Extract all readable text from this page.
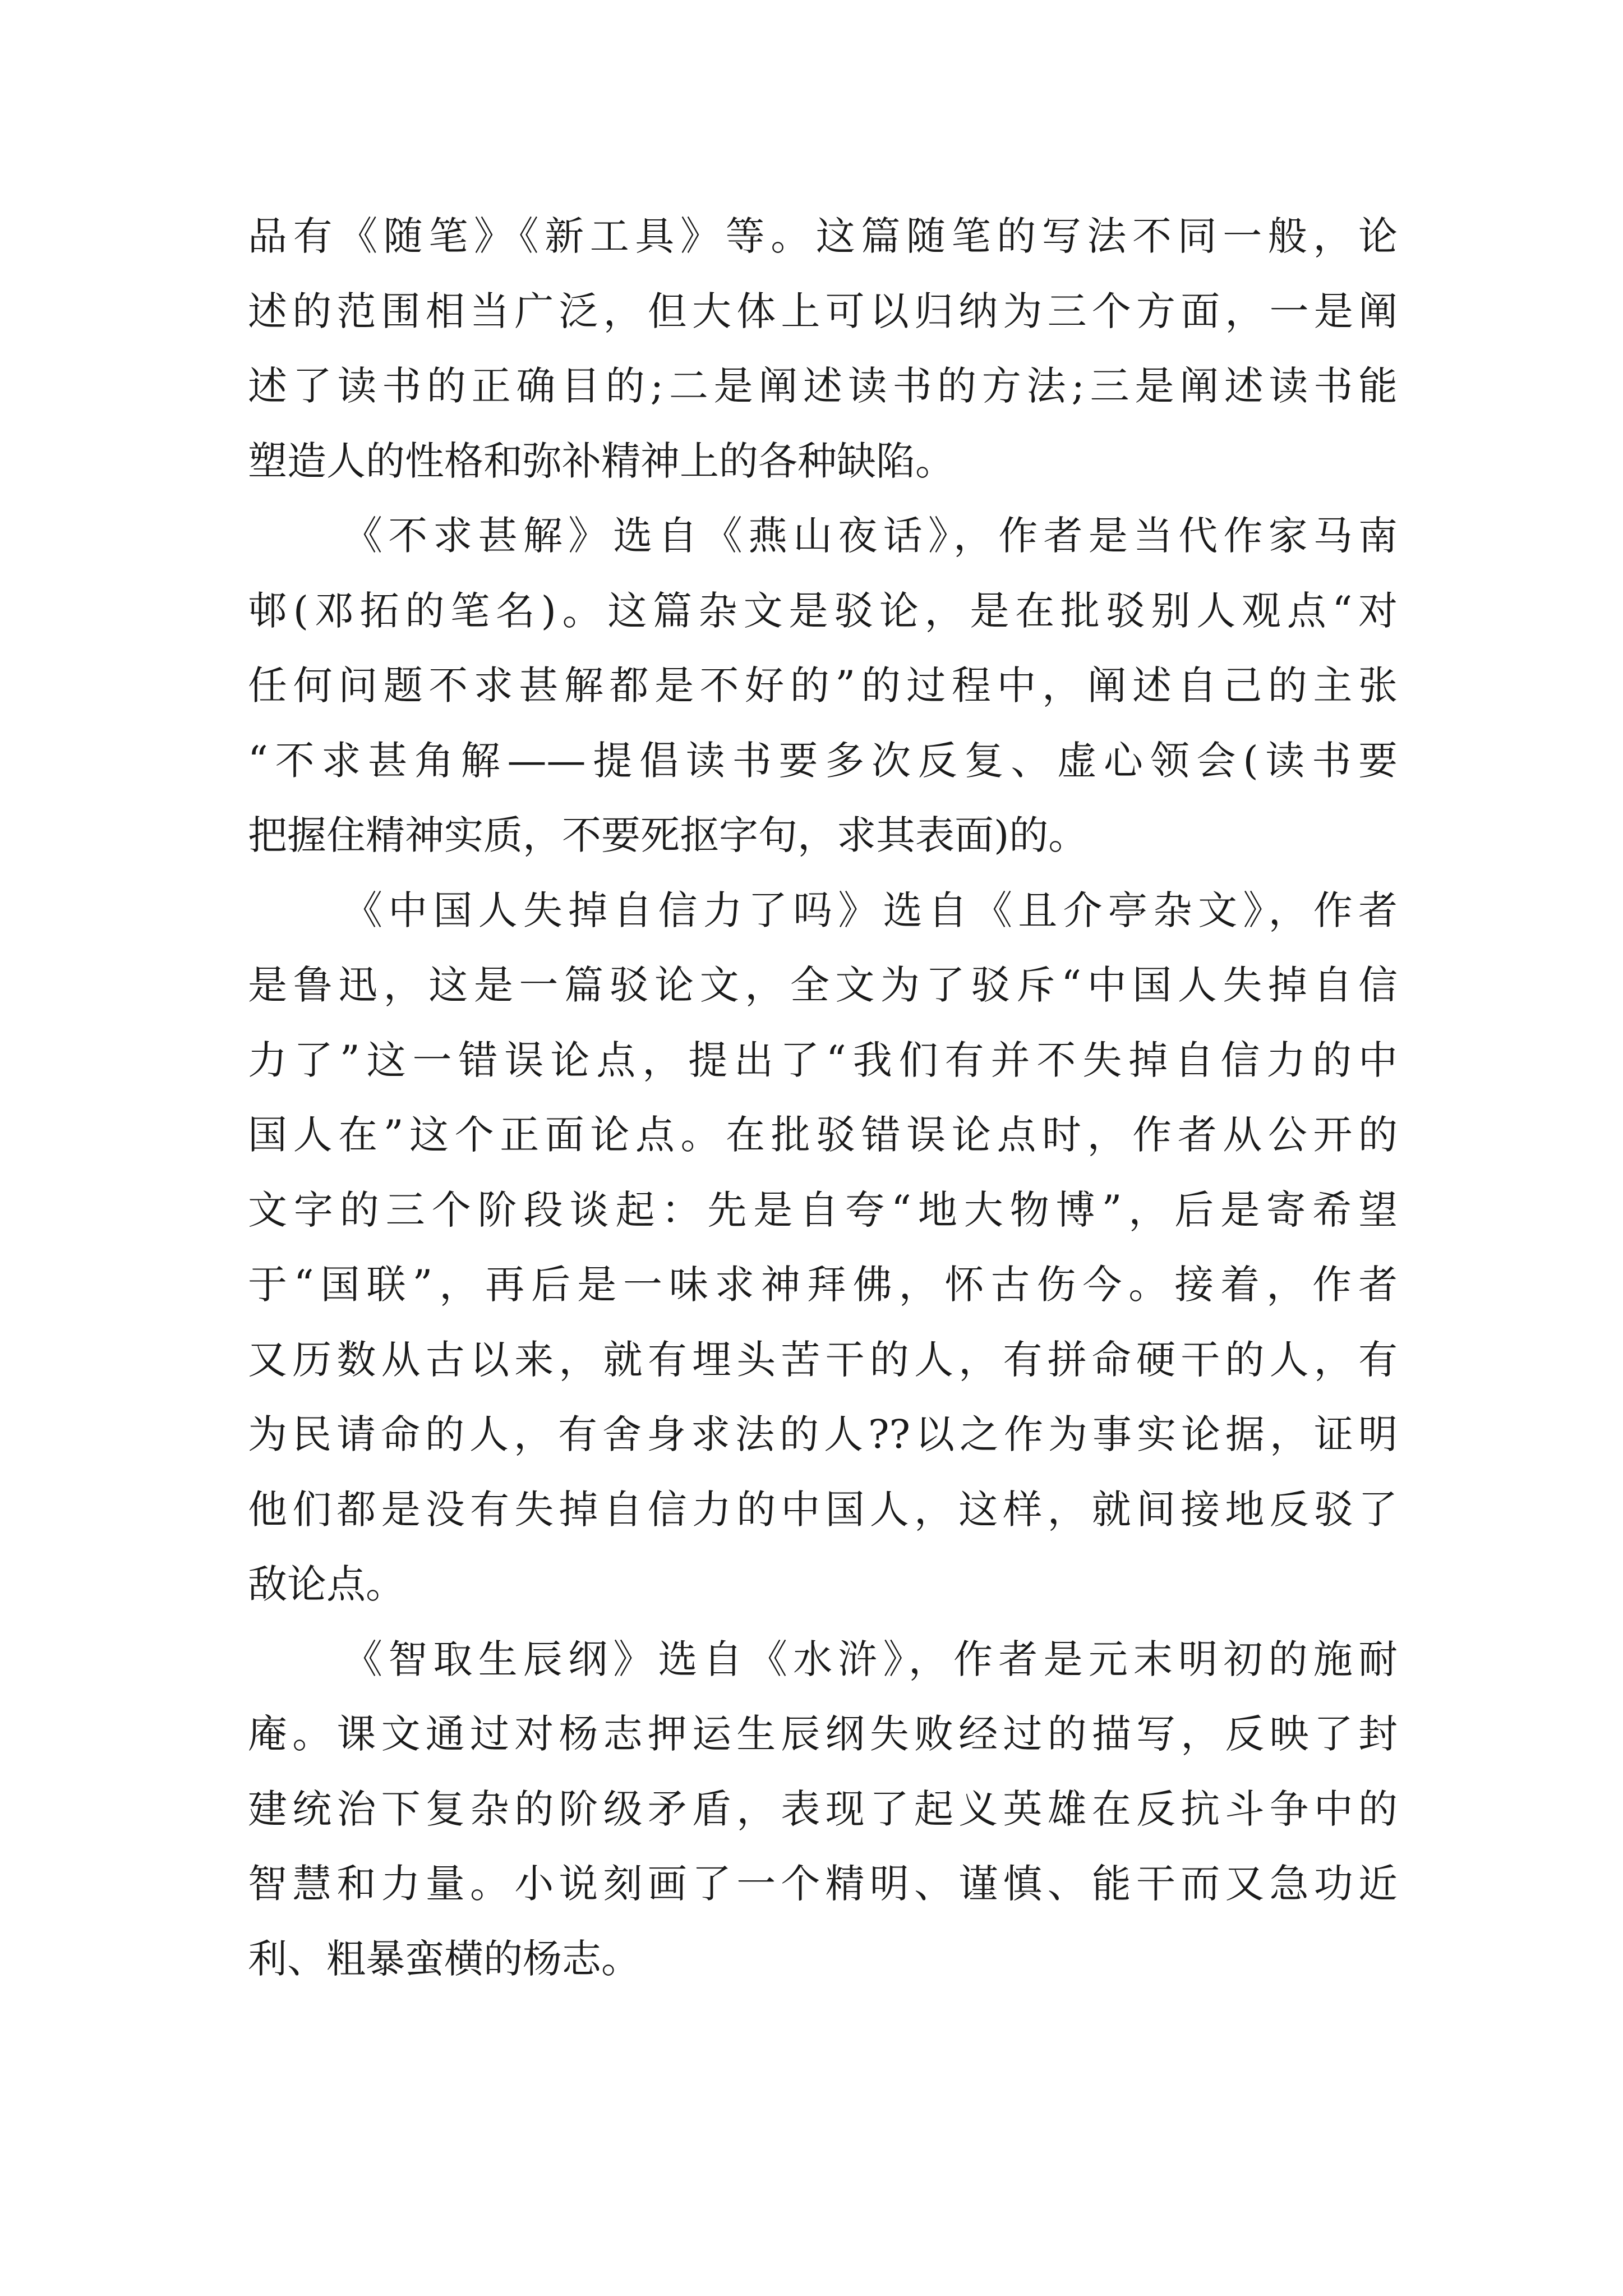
品有《随笔》《新工具》等。这篇随笔的写法不同一般，论
述的范围相当广泛，但大体上可以归纳为三个方面，一是阐
述了读书的正确目的;二是阐述读书的方法;三是阐述读书能
塑造人的性格和弥补精神上的各种缺陷。
《不求甚解》选自《燕山夜话》，作者是当代作家马南
邨(邓拓的笔名)。这篇杂文是驳论，是在批驳别人观点“对
任何问题不求甚解都是不好的”的过程中，阐述自己的主张
“不求甚角解——提倡读书要多次反复、虚心领会(读书要
把握住精神实质，不要死抠字句，求其表面)的。
《中国人失掉自信力了吗》选自《且介亭杂文》，作者
是鲁迅，这是一篇驳论文，全文为了驳斥“中国人失掉自信
力了”这一错误论点，提出了“我们有并不失掉自信力的中
国人在”这个正面论点。在批驳错误论点时，作者从公开的
文字的三个阶段谈起：先是自夸“地大物博”，后是寄希望
于“国联”，再后是一味求神拜佛，怀古伤今。接着，作者
又历数从古以来，就有埋头苦干的人，有拼命硬干的人，有
为民请命的人，有舍身求法的人??以之作为事实论据，证明
他们都是没有失掉自信力的中国人，这样，就间接地反驳了
敌论点。
《智取生辰纲》选自《水浒》，作者是元末明初的施耐
庵。课文通过对杨志押运生辰纲失败经过的描写，反映了封
建统治下复杂的阶级矛盾，表现了起义英雄在反抗斗争中的
智慧和力量。小说刻画了一个精明、谨慎、能干而又急功近
利、粗暴蛮横的杨志。
